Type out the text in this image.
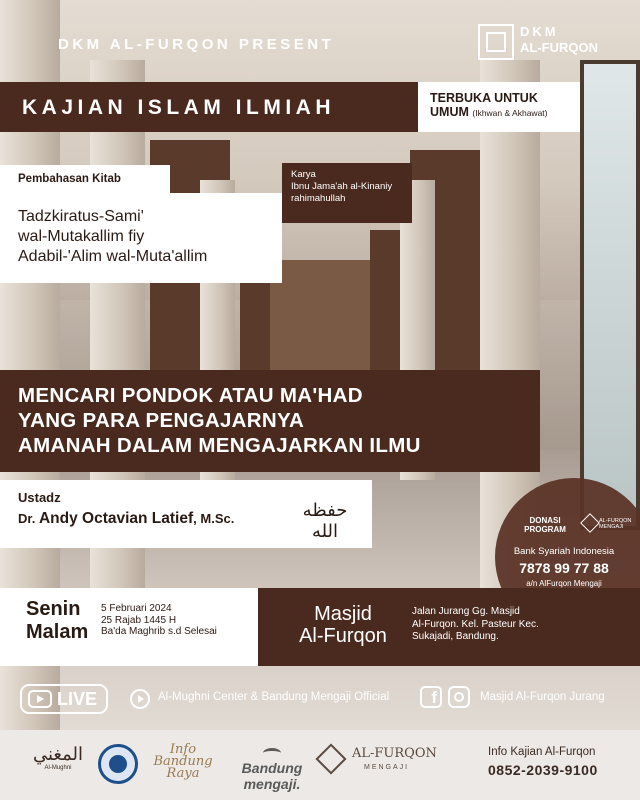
DKM AL-FURQON PRESENT
DKM
AL-FURQON
KAJIAN ISLAM ILMIAH	TERBUKA UNTUK
UMUM (Ikhwan & Akhawat)
Pembahasan Kitab	Karya
Ibnu Jama'ah al-Kinaniy
rahimahullah
Tadzkiratus-Sami'
wal-Mutakallim fiy
Adabil-'Alim wal-Muta'allim
MENCARI PONDOK ATAU MA'HAD
YANG PARA PENGAJARNYA
AMANAH DALAM MENGAJARKAN ILMU
Ustadz
Dr. Andy Octavian Latief, M.Sc.	حفظه الله
DONASI PROGRAM
AL-FURQON MENGAJI
Bank Syariah Indonesia
7878 99 77 88
a/n AlFurqon Mengaji
Senin
Malam
5 Februari 2024
25 Rajab 1445 H
Ba'da Maghrib s.d Selesai
Masjid
Al-Furqon
Jalan Jurang Gg. Masjid
Al-Furqon. Kel. Pasteur Kec.
Sukajadi, Bandung.
LIVE	Al-Mughni Center & Bandung Mengaji Official	f	Masjid Al-Furqon Jurang
المغني
Al-Mughni
Info
Bandung
Raya	Bandung mengaji.
AL-FURQON
MENGAJI
Info Kajian Al-Furqon
0852-2039-9100
